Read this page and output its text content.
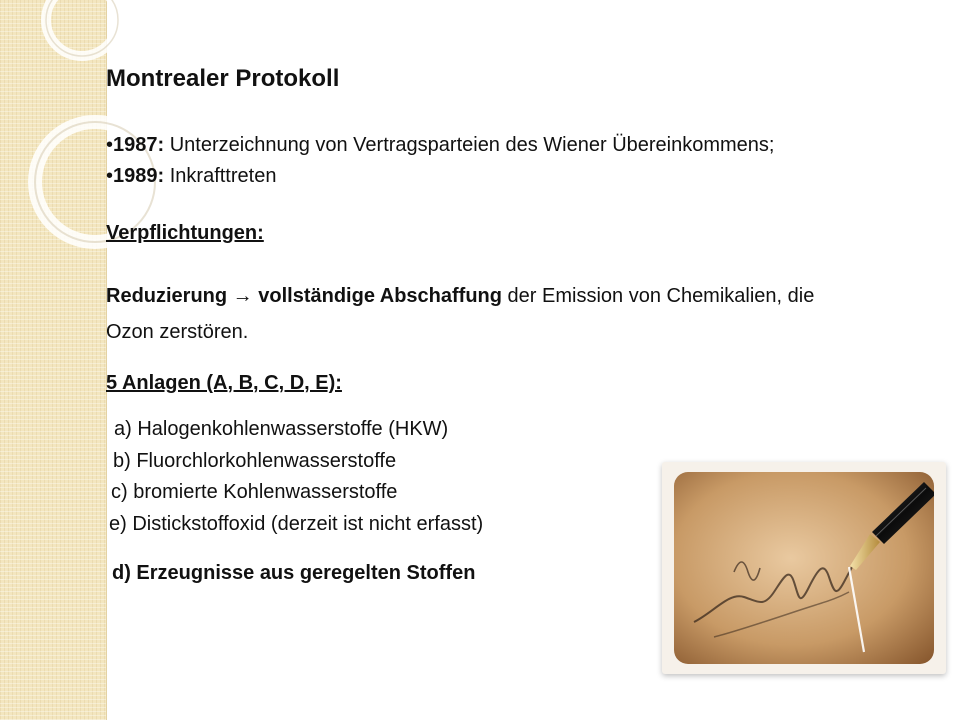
Montrealer Protokoll
•1987: Unterzeichnung von Vertragsparteien des Wiener Übereinkommens;
•1989: Inkrafttreten
Verpflichtungen:
Reduzierung → vollständige Abschaffung der Emission von Chemikalien, die Ozon zerstören.
5 Anlagen (A, B, C, D, E):
a) Halogenkohlenwasserstoffe (HKW)
b) Fluorchlorkohlenwasserstoffe
c) bromierte Kohlenwasserstoffe
e) Distickstoffoxid (derzeit ist nicht erfasst)
d) Erzeugnisse aus geregelten Stoffen
